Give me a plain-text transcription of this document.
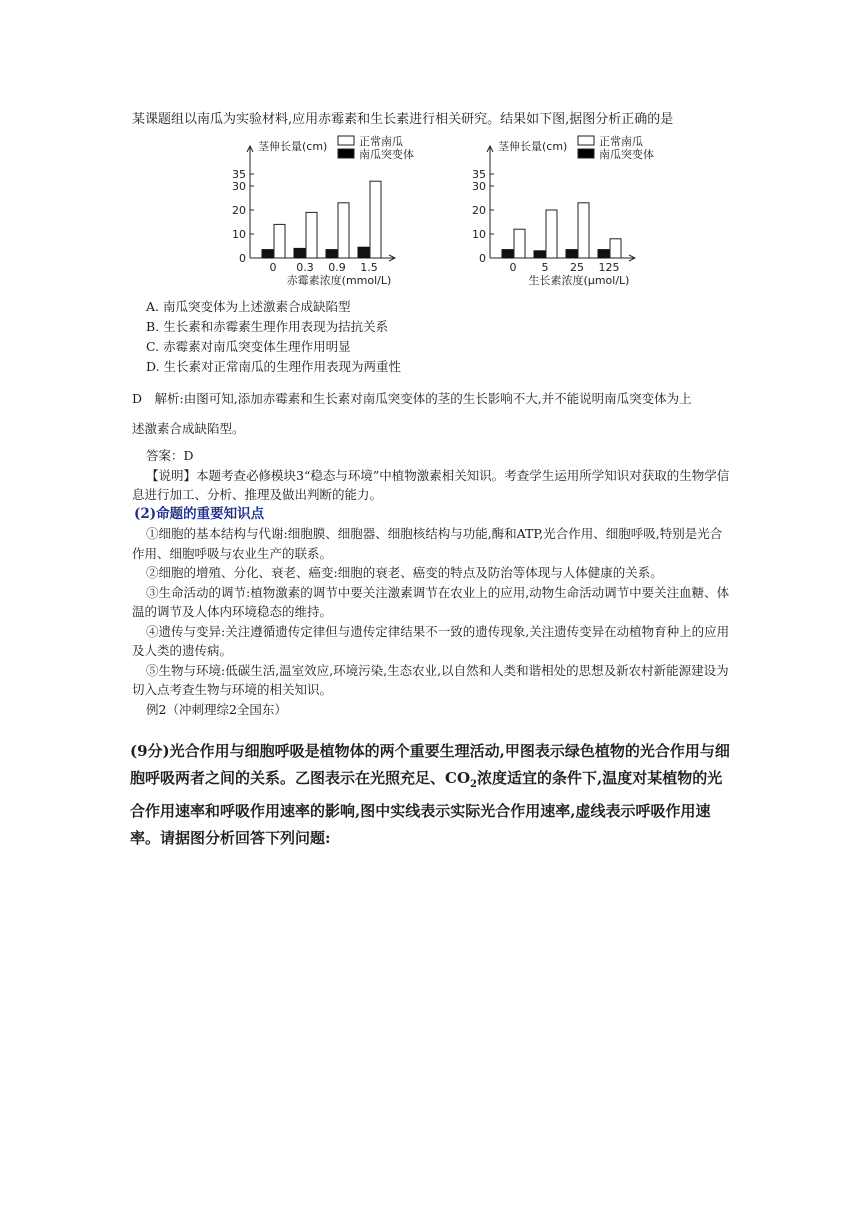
某课题组以南瓜为实验材料,应用赤霉素和生长素进行相关研究。结果如下图,据图分析正确的是
0
10
20
30
35
茎伸长量(cm)	正常南瓜
南瓜突变体
0 0.3 0.9 1.5
赤霉素浓度(mmol/L)
0
10
20
30
35
茎伸长量(cm)	正常南瓜
南瓜突变体
0 5 25 125
生长素浓度(μmol/L)
A. 南瓜突变体为上述激素合成缺陷型
B. 生长素和赤霉素生理作用表现为拮抗关系
C. 赤霉素对南瓜突变体生理作用明显
D. 生长素对正常南瓜的生理作用表现为两重性
D　解析:由图可知,添加赤霉素和生长素对南瓜突变体的茎的生长影响不大,并不能说明南瓜突变体为上
述激素合成缺陷型。

答案：D

【说明】本题考查必修模块3“稳态与环境”中植物激素相关知识。考查学生运用所学知识对获取的生物学信息进行加工、分析、推理及做出判断的能力。

(2)命题的重要知识点

①细胞的基本结构与代谢:细胞膜、细胞器、细胞核结构与功能,酶和ATP,光合作用、细胞呼吸,特别是光合作用、细胞呼吸与农业生产的联系。

②细胞的增殖、分化、衰老、癌变:细胞的衰老、癌变的特点及防治等体现与人体健康的关系。

③生命活动的调节:植物激素的调节中要关注激素调节在农业上的应用,动物生命活动调节中要关注血糖、体温的调节及人体内环境稳态的维持。

④遗传与变异:关注遵循遗传定律但与遗传定律结果不一致的遗传现象,关注遗传变异在动植物育种上的应用及人类的遗传病。

⑤生物与环境:低碳生活,温室效应,环境污染,生态农业,以自然和人类和谐相处的思想及新农村新能源建设为切入点考查生物与环境的相关知识。

例2（冲刺理综2全国东）

(9分)光合作用与细胞呼吸是植物体的两个重要生理活动,甲图表示绿色植物的光合作用与细胞呼吸两者之间的关系。乙图表示在光照充足、$CO_2$浓度适宜的条件下,温度对某植物的光合作用速率和呼吸作用速率的影响,图中实线表示实际光合作用速率,虚线表示呼吸作用速率。请据图分析回答下列问题:
